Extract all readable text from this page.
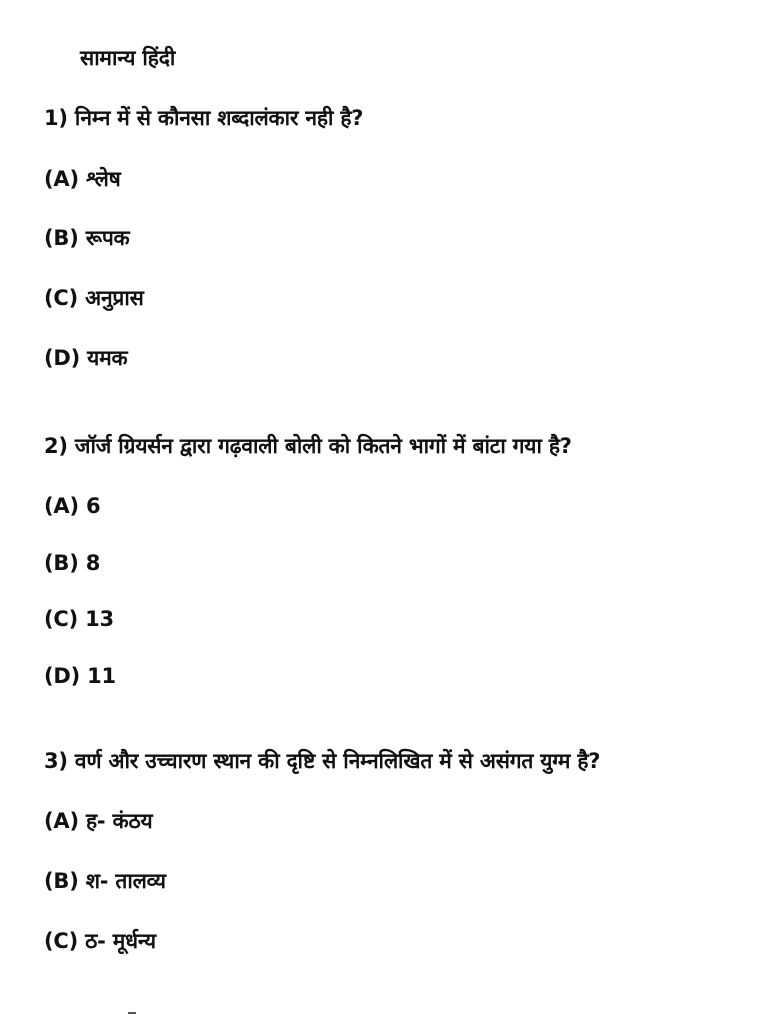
सामान्य हिंदी
1) निम्न में से कौनसा शब्दालंकार नही है?
(A) श्लेष
(B) रूपक
(C) अनुप्रास
(D) यमक
2) जॉर्ज ग्रियर्सन द्वारा गढ़वाली बोली को कितने भागों में बांटा गया है?
(A) 6
(B) 8
(C) 13
(D) 11
3) वर्ण और उच्चारण स्थान की दृष्टि से निम्नलिखित में से असंगत युग्म है?
(A) ह- कंठय
(B) श- तालव्य
(C) ठ- मूर्धन्य
